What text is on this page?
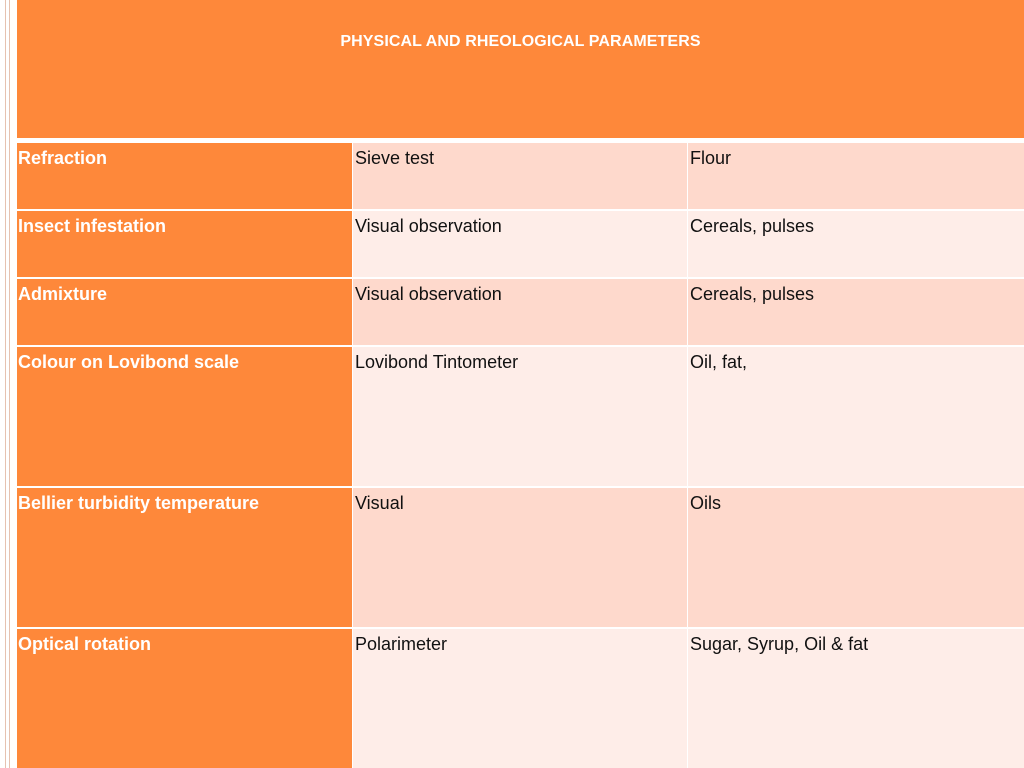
PHYSICAL AND RHEOLOGICAL PARAMETERS
Refraction	Sieve test	Flour
Insect infestation	Visual observation	Cereals, pulses
Admixture	Visual observation	Cereals, pulses
Colour on Lovibond scale	Lovibond Tintometer	Oil, fat,
Bellier turbidity temperature	Visual	Oils
Optical rotation	Polarimeter	Sugar, Syrup, Oil & fat
